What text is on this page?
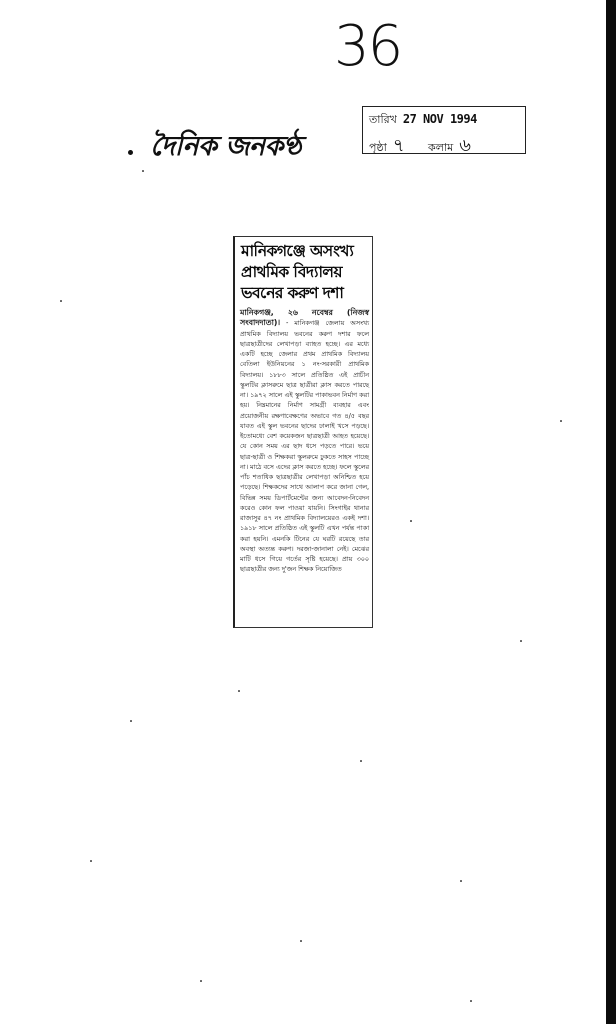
36
দৈনিক জনকণ্ঠ
তারিখ 27 NOV 1994
পৃষ্ঠা ৭ কলাম ৬
মানিকগঞ্জে অসংখ্য
প্রাথমিক বিদ্যালয়
ভবনের করুণ দশা
মানিকগঞ্জ, ২৬ নবেম্বর (নিজস্ব সংবাদদাতা)। - মানিকগঞ্জ জেলায় অসংখ্য প্রাথমিক বিদ্যালয় ভবনের করুণ দশার ফলে ছাত্রছাত্রীদের লেখাপড়া ব্যাহত হচ্ছে। এর মধ্যে একটি হচ্ছে জেলার প্রথম প্রাথমিক বিদ্যালয় বেতিলা ইউনিয়নের ১ নং-সরকারী প্রাথমিক বিদ্যালয়। ১৮৮৩ সালে প্রতিষ্ঠিত এই প্রাচীন স্কুলটির ক্লাসরুমে ছাত্র ছাত্রীরা ক্লাস করতে পারছে না। ১৯৭২ সালে এই স্কুলটির পাকাভবন নির্মাণ করা হয়। নিম্নমানের নির্মাণ সামগ্রী ব্যবহার এবং প্রয়োজনীয় রক্ষণাবেক্ষণের অভাবে গত ৪/৫ বছর যাবত এই স্কুল ভবনের ছাদের ঢালাই খসে পড়ছে। ইতোমধ্যে বেশ কয়েকজন ছাত্রছাত্রী আহত হয়েছে। যে কোন সময় এর ছাদ ধসে পড়তে পারে। ভয়ে ছাত্র-ছাত্রী ও শিক্ষকরা স্কুলরুমে ঢুকতে সাহস পাচ্ছে না। মাঠে বসে এদের ক্লাস করতে হচ্ছে। ফলে স্কুলের পাঁচ শতাধিক ছাত্রছাত্রীর লেখাপড়া অনিশ্চিত হয়ে পড়েছে। শিক্ষকদের সাথে আলাপ করে জানা গেল, বিভিন্ন সময় ডিপার্টমেন্টের জন্য আবেদন-নিবেদন করেও কোন ফল পাওয়া যায়নি। সিংগাইর থানার রাজাসুর ৪৭ নং প্রাথমিক বিদ্যালয়েরও একই দশা। ১৯১৮ সালে প্রতিষ্ঠিত এই স্কুলটি এখন পর্যন্ত পাকা করা হয়নি। এমনকি টিনের যে ঘরটি রয়েছে তার অবস্থা অত্যন্ত করুণ। দরজা-জানালা নেই। মেঝের মাটি ধসে গিয়ে গর্তের সৃষ্টি হয়েছে। প্রায় ৩০০ ছাত্রছাত্রীর জন্য দু'জন শিক্ষক নিয়োজিত
